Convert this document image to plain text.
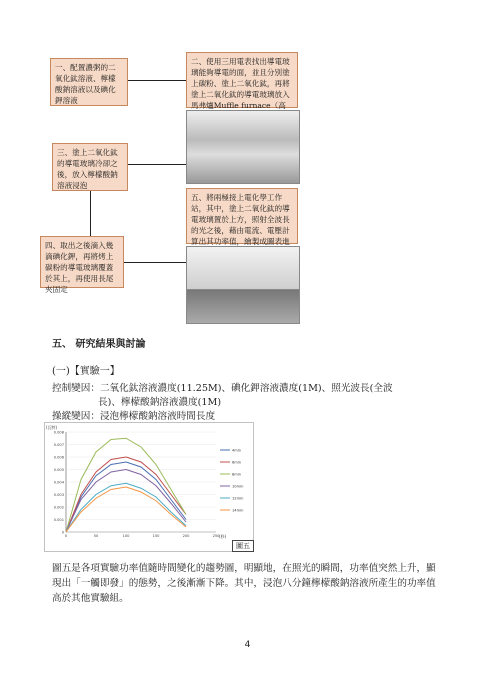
一、配置濃粥的二氧化鈦溶液、檸檬酸鈉溶液以及碘化鉀溶液
二、使用三用電表找出導電玻璃能夠導電的面，並且分別塗上碳粉、塗上二氧化鈦，再將塗上二氧化鈦的導電玻璃放入馬弗爐Muffle furnace（高
三、塗上二氧化鈦的導電玻璃冷卻之後，放入檸檬酸鈉溶液浸泡
五、將兩極接上電化學工作站，其中，塗上二氧化鈦的導電玻璃置於上方，照射全波長的光之後，藉由電流、電壓計算出其功率值，繪製成圖表進
四、取出之後滴入幾滴碘化鉀，再將烤上碳粉的導電玻璃覆蓋於其上，再使用長尾夾固定
五、 研究結果與討論
(一)【實驗一】
控制變因：二氧化鈦溶液濃度(11.25M)、碘化鉀溶液濃度(1M)、照光波長(全波
長)、檸檬酸鈉溶液濃度(1M)
操縱變因：浸泡檸檬酸鈉溶液時間長度
(瓦特)
(秒)
0.008
0.007
0.006
0.005
0.004
0.003
0.002
0.001
0
0	50	100	150	200	250
4min
6min
8min
10min
12min
14min
圖五
圖五是各項實驗功率值隨時間變化的趨勢圖，明顯地，在照光的瞬間，功率值突然上升，顯
現出「一觸即發」的態勢，之後漸漸下降。其中，浸泡八分鐘檸檬酸鈉溶液所產生的功率值
高於其他實驗組。
4
